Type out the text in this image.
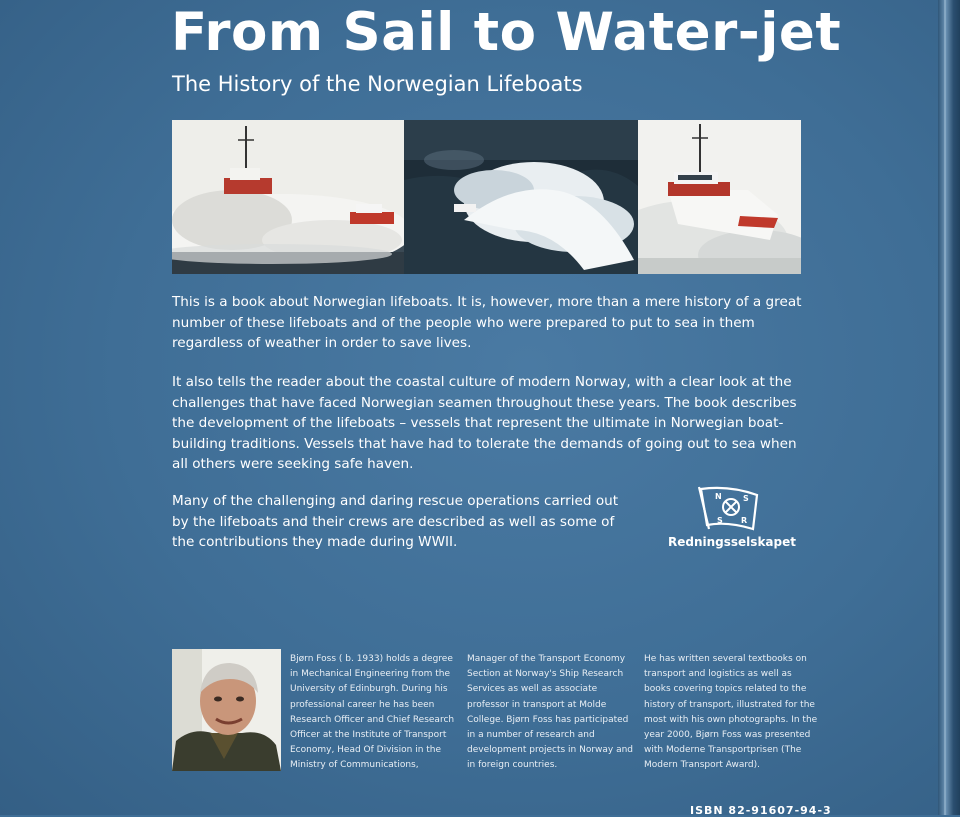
From Sail to Water-jet
The History of the Norwegian Lifeboats
This is a book about Norwegian lifeboats. It is, however, more than a mere history of a great number of these lifeboats and of the people who were prepared to put to sea in them regardless of weather in order to save lives.
It also tells the reader about the coastal culture of modern Norway, with a clear look at the challenges that have faced Norwegian seamen throughout these years. The book describes the development of the lifeboats – vessels that represent the ultimate in Norwegian boat-building traditions. Vessels that have had to tolerate the demands of going out to sea when all others were seeking safe haven.
Many of the challenging and daring rescue operations carried out by the lifeboats and their crews are described as well as some of the contributions they made during WWII.
N	S
S R
Redningsselskapet
Bjørn Foss ( b. 1933) holds a degree in Mechanical Engineering from the University of Edinburgh. During his professional career he has been Research Officer and Chief Research Officer at the Institute of Transport Economy, Head Of Division in the Ministry of Communications,
Manager of the Transport Economy Section at Norway's Ship Research Services as well as associate professor in transport at Molde College. Bjørn Foss has participated in a number of research and development projects in Norway and in foreign countries.
He has written several textbooks on transport and logistics as well as books covering topics related to the history of transport, illustrated for the most with his own photographs. In the year 2000, Bjørn Foss was presented with Moderne Transportprisen (The Modern Transport Award).
ISBN 82-91607-94-3
